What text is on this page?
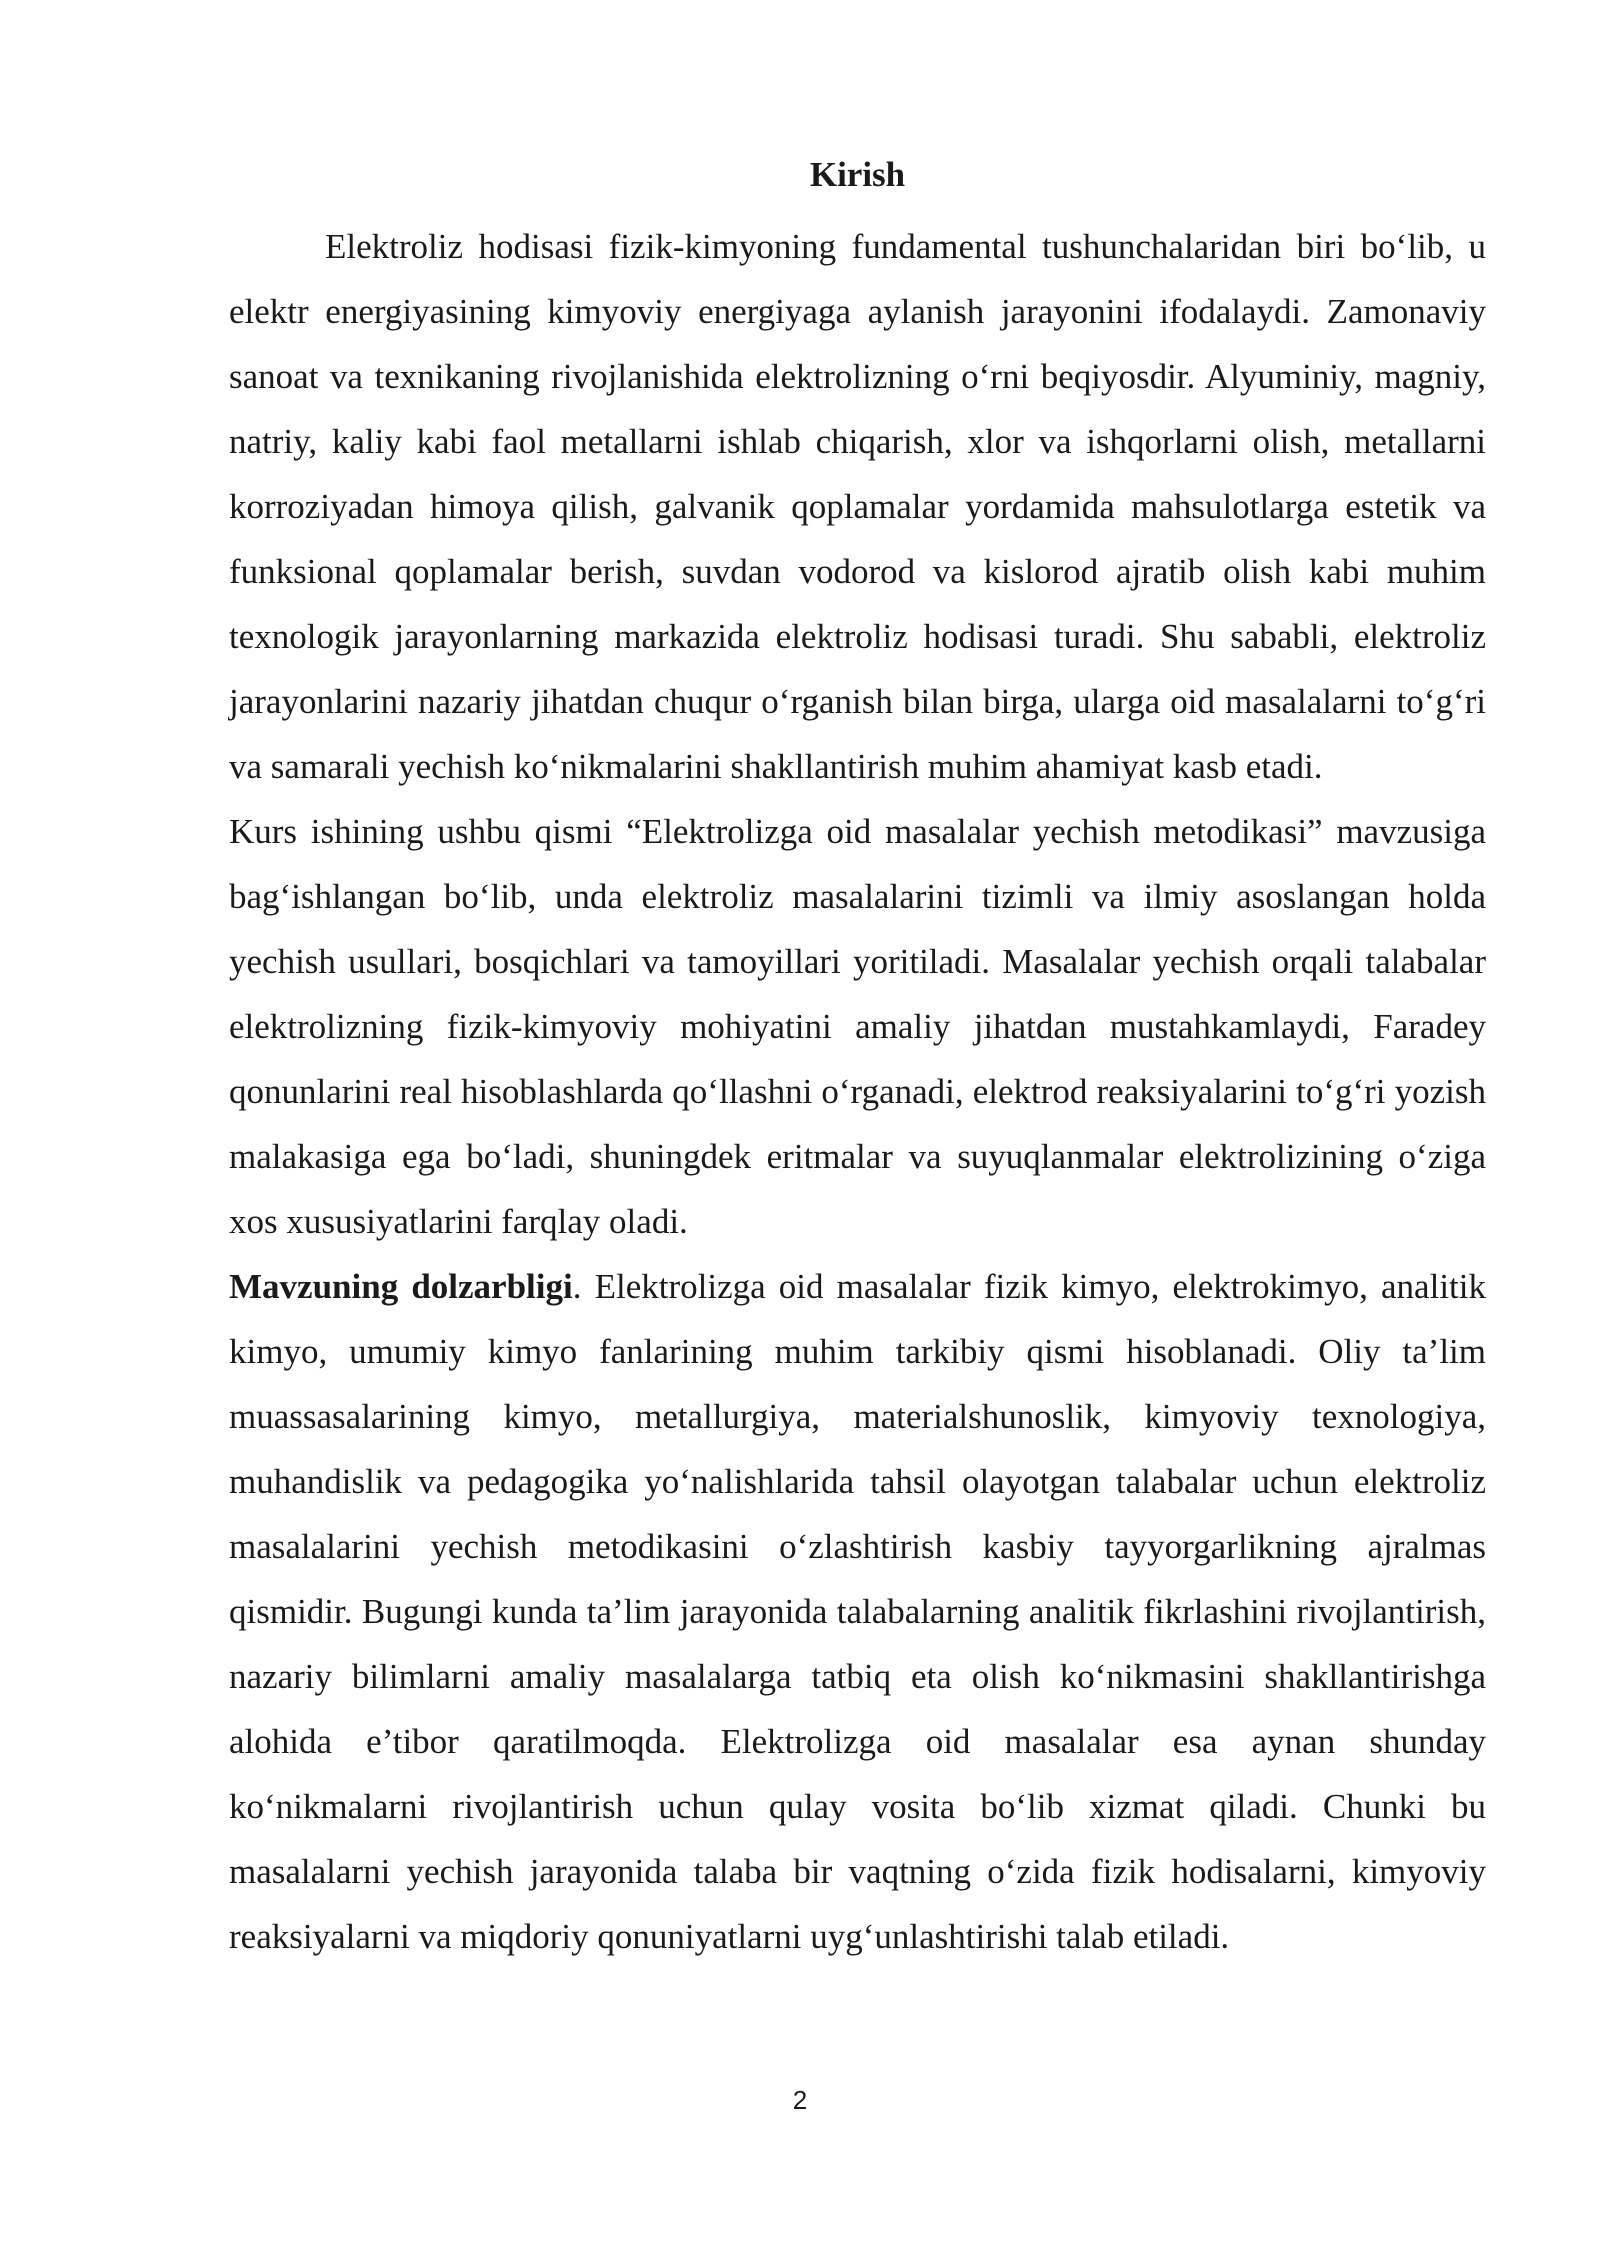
Kirish

Elektroliz hodisasi fizik-kimyoning fundamental tushunchalaridan biri bo‘lib, u elektr energiyasining kimyoviy energiyaga aylanish jarayonini ifodalaydi. Zamonaviy sanoat va texnikaning rivojlanishida elektrolizning o‘rni beqiyosdir. Alyuminiy, magniy, natriy, kaliy kabi faol metallarni ishlab chiqarish, xlor va ishqorlarni olish, metallarni korroziyadan himoya qilish, galvanik qoplamalar yordamida mahsulotlarga estetik va funksional qoplamalar berish, suvdan vodorod va kislorod ajratib olish kabi muhim texnologik jarayonlarning markazida elektroliz hodisasi turadi. Shu sababli, elektroliz jarayonlarini nazariy jihatdan chuqur o‘rganish bilan birga, ularga oid masalalarni to‘g‘ri va samarali yechish ko‘nikmalarini shakllantirish muhim ahamiyat kasb etadi.

Kurs ishining ushbu qismi “Elektrolizga oid masalalar yechish metodikasi” mavzusiga bag‘ishlangan bo‘lib, unda elektroliz masalalarini tizimli va ilmiy asoslangan holda yechish usullari, bosqichlari va tamoyillari yoritiladi. Masalalar yechish orqali talabalar elektrolizning fizik-kimyoviy mohiyatini amaliy jihatdan mustahkamlaydi, Faradey qonunlarini real hisoblashlarda qo‘llashni o‘rganadi, elektrod reaksiyalarini to‘g‘ri yozish malakasiga ega bo‘ladi, shuningdek eritmalar va suyuqlanmalar elektrolizining o‘ziga xos xususiyatlarini farqlay oladi.

Mavzuning dolzarbligi. Elektrolizga oid masalalar fizik kimyo, elektrokimyo, analitik kimyo, umumiy kimyo fanlarining muhim tarkibiy qismi hisoblanadi. Oliy ta’lim muassasalarining kimyo, metallurgiya, materialshunoslik, kimyoviy texnologiya, muhandislik va pedagogika yo‘nalishlarida tahsil olayotgan talabalar uchun elektroliz masalalarini yechish metodikasini o‘zlashtirish kasbiy tayyorgarlikning ajralmas qismidir. Bugungi kunda ta’lim jarayonida talabalarning analitik fikrlashini rivojlantirish, nazariy bilimlarni amaliy masalalarga tatbiq eta olish ko‘nikmasini shakllantirishga alohida e’tibor qaratilmoqda. Elektrolizga oid masalalar esa aynan shunday ko‘nikmalarni rivojlantirish uchun qulay vosita bo‘lib xizmat qiladi. Chunki bu masalalarni yechish jarayonida talaba bir vaqtning o‘zida fizik hodisalarni, kimyoviy reaksiyalarni va miqdoriy qonuniyatlarni uyg‘unlashtirishi talab etiladi.

2
